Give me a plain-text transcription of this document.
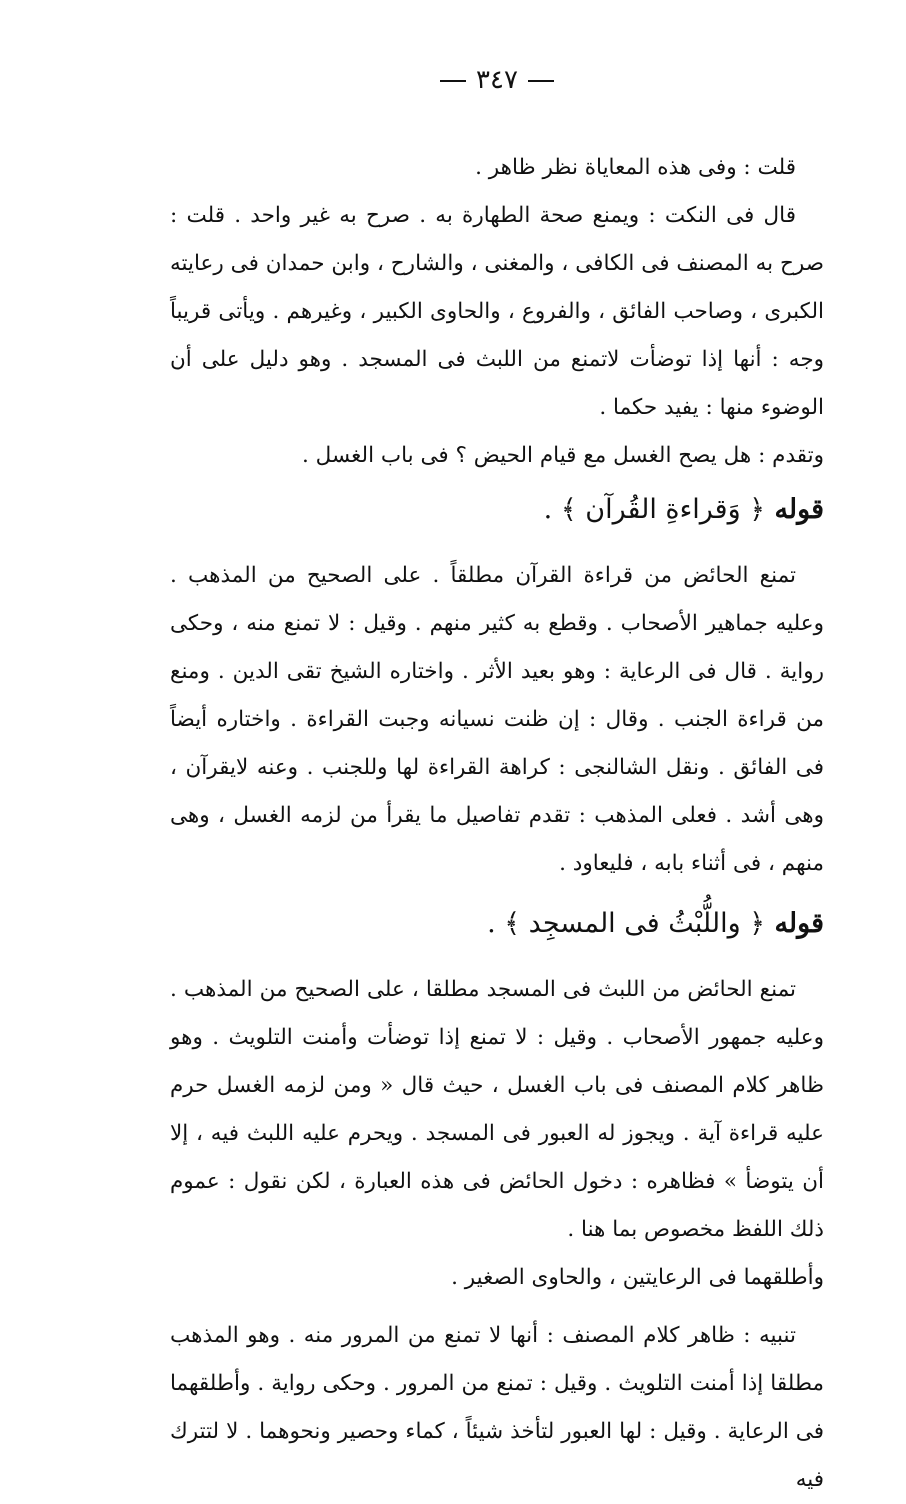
٣٤٧

قلت : وفى هذه المعاياة نظر ظاهر .

قال فى النكت : ويمنع صحة الطهارة به . صرح به غير واحد . قلت : صرح به المصنف فى الكافى ، والمغنى ، والشارح ، وابن حمدان فى رعايته الكبرى ، وصاحب الفائق ، والفروع ، والحاوى الكبير ، وغيرهم . ويأتى قريباً وجه : أنها إذا توضأت لاتمنع من اللبث فى المسجد . وهو دليل على أن الوضوء منها : يفيد حكما .

وتقدم : هل يصح الغسل مع قيام الحيض ؟ فى باب الغسل .

قوله ﴿ وَقراءةِ القُرآن ﴾ .

تمنع الحائض من قراءة القرآن مطلقاً . على الصحيح من المذهب . وعليه جماهير الأصحاب . وقطع به كثير منهم . وقيل : لا تمنع منه ، وحكى رواية . قال فى الرعاية : وهو بعيد الأثر . واختاره الشيخ تقى الدين . ومنع من قراءة الجنب . وقال : إن ظنت نسيانه وجبت القراءة . واختاره أيضاً فى الفائق . ونقل الشالنجى : كراهة القراءة لها وللجنب . وعنه لايقرآن ، وهى أشد . فعلى المذهب : تقدم تفاصيل ما يقرأ من لزمه الغسل ، وهى منهم ، فى أثناء بابه ، فليعاود .

قوله ﴿ واللُّبْثُ فى المسجِد ﴾ .

تمنع الحائض من اللبث فى المسجد مطلقا ، على الصحيح من المذهب . وعليه جمهور الأصحاب . وقيل : لا تمنع إذا توضأت وأمنت التلويث . وهو ظاهر كلام المصنف فى باب الغسل ، حيث قال « ومن لزمه الغسل حرم عليه قراءة آية . ويجوز له العبور فى المسجد . ويحرم عليه اللبث فيه ، إلا أن يتوضأ » فظاهره : دخول الحائض فى هذه العبارة ، لكن نقول : عموم ذلك اللفظ مخصوص بما هنا .

وأطلقهما فى الرعايتين ، والحاوى الصغير .

تنبيه : ظاهر كلام المصنف : أنها لا تمنع من المرور منه . وهو المذهب مطلقا إذا أمنت التلويث . وقيل : تمنع من المرور . وحكى رواية . وأطلقهما فى الرعاية . وقيل : لها العبور لتأخذ شيئاً ، كماء وحصير ونحوهما . لا لتترك فيه
